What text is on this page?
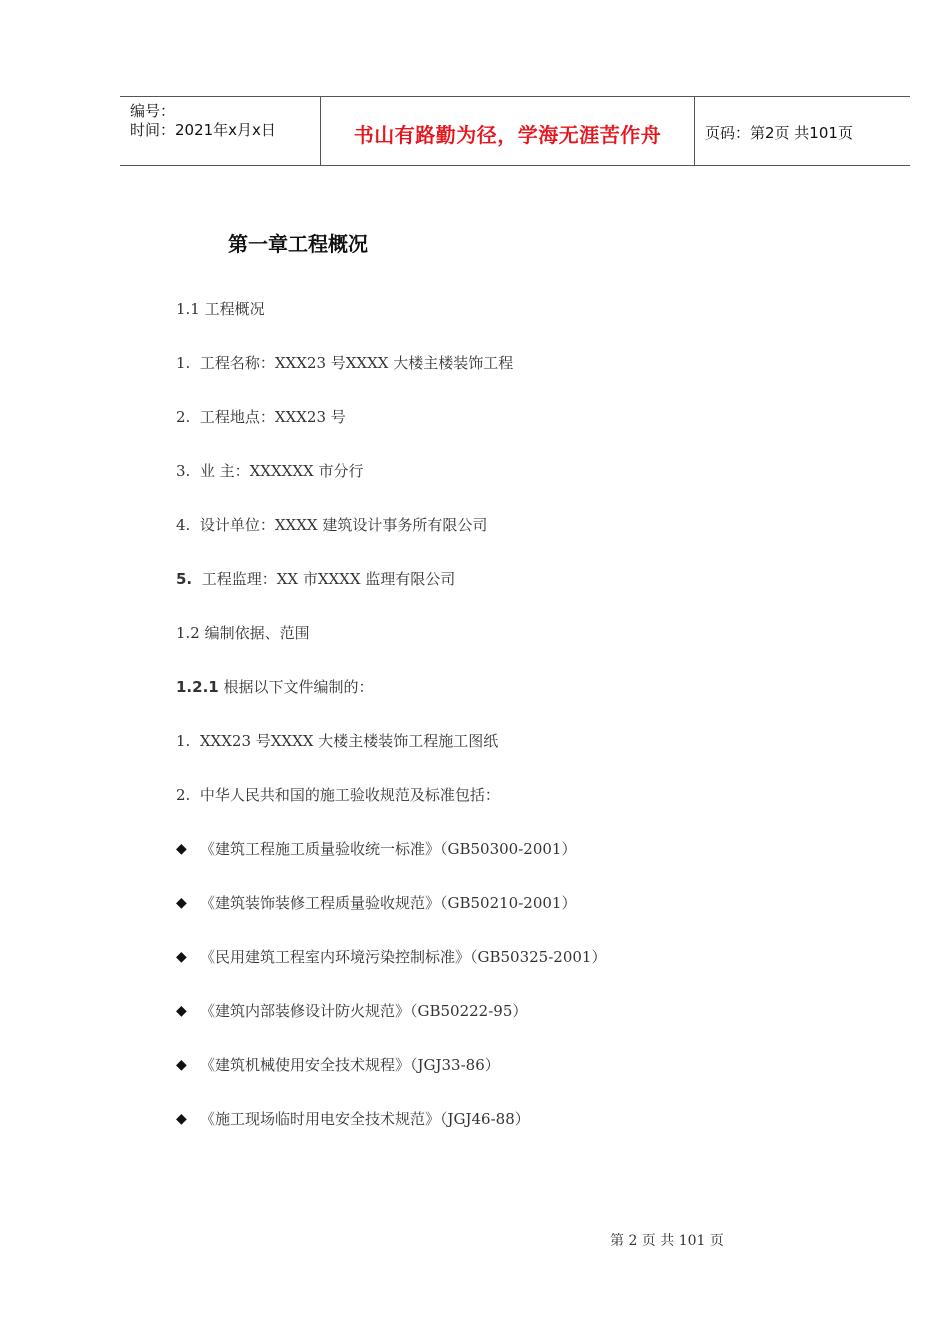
编号：
时间：2021年x月x日	书山有路勤为径，学海无涯苦作舟	页码：第2页 共101页
第一章工程概况
1.1 工程概况
1. 工程名称：XXX23 号XXXX 大楼主楼装饰工程
2. 工程地点：XXX23 号
3. 业 主：XXXXXX 市分行
4. 设计单位：XXXX 建筑设计事务所有限公司
5. 工程监理：XX 市XXXX 监理有限公司
1.2 编制依据、范围
1.2.1 根据以下文件编制的：
1. XXX23 号XXXX 大楼主楼装饰工程施工图纸
2. 中华人民共和国的施工验收规范及标准包括：
◆ 《建筑工程施工质量验收统一标准》（GB50300-2001）
◆ 《建筑装饰装修工程质量验收规范》（GB50210-2001）
◆ 《民用建筑工程室内环境污染控制标准》（GB50325-2001）
◆ 《建筑内部装修设计防火规范》（GB50222-95）
◆ 《建筑机械使用安全技术规程》（JGJ33-86）
◆ 《施工现场临时用电安全技术规范》（JGJ46-88）
第 2 页 共 101 页
